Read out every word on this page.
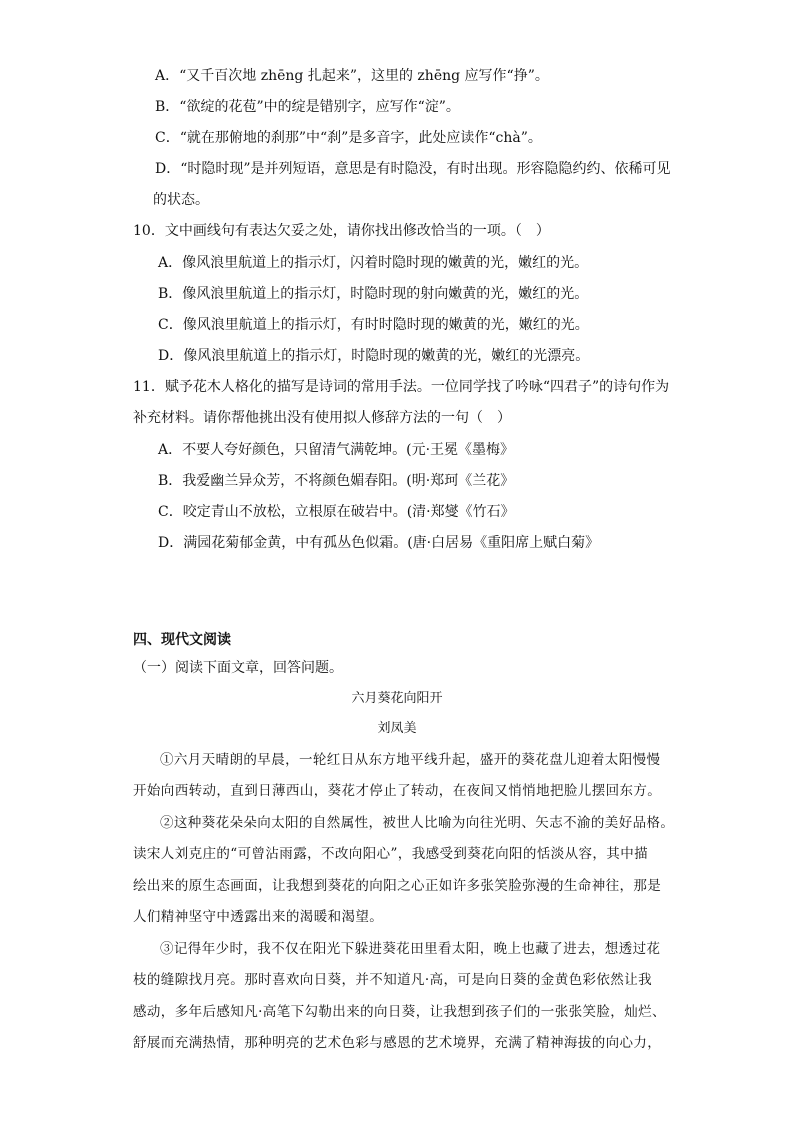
A．“又千百次地 zhēng 扎起来”，这里的 zhēng 应写作“挣”。
B．“欲绽的花苞”中的绽是错别字，应写作“淀”。
C．“就在那俯地的刹那”中“刹”是多音字，此处应读作“chà”。
D．“时隐时现”是并列短语，意思是有时隐没，有时出现。形容隐隐约约、依稀可见
的状态。
10．文中画线句有表达欠妥之处，请你找出修改恰当的一项。（　）
A．像风浪里航道上的指示灯，闪着时隐时现的嫩黄的光，嫩红的光。
B．像风浪里航道上的指示灯，时隐时现的射向嫩黄的光，嫩红的光。
C．像风浪里航道上的指示灯，有时时隐时现的嫩黄的光，嫩红的光。
D．像风浪里航道上的指示灯，时隐时现的嫩黄的光，嫩红的光漂亮。
11．赋予花木人格化的描写是诗词的常用手法。一位同学找了吟咏“四君子”的诗句作为
补充材料。请你帮他挑出没有使用拟人修辞方法的一句（　）
A．不要人夸好颜色，只留清气满乾坤。(元·王冕《墨梅》
B．我爱幽兰异众芳，不将颜色媚春阳。(明·郑珂《兰花》
C．咬定青山不放松，立根原在破岩中。(清·郑燮《竹石》
D．满园花菊郁金黄，中有孤丛色似霜。(唐·白居易《重阳席上赋白菊》
四、现代文阅读
（一）阅读下面文章，回答问题。
六月葵花向阳开
刘凤美
①六月天晴朗的早晨，一轮红日从东方地平线升起，盛开的葵花盘儿迎着太阳慢慢
开始向西转动，直到日薄西山，葵花才停止了转动，在夜间又悄悄地把脸儿摆回东方。
②这种葵花朵朵向太阳的自然属性，被世人比喻为向往光明、矢志不渝的美好品格。
读宋人刘克庄的“可曾沾雨露，不改向阳心”，我感受到葵花向阳的恬淡从容，其中描
绘出来的原生态画面，让我想到葵花的向阳之心正如许多张笑脸弥漫的生命神往，那是
人们精神坚守中透露出来的渴暖和渴望。
③记得年少时，我不仅在阳光下躲进葵花田里看太阳，晚上也藏了进去，想透过花
枝的缝隙找月亮。那时喜欢向日葵，并不知道凡·高，可是向日葵的金黄色彩依然让我
感动，多年后感知凡·高笔下勾勒出来的向日葵，让我想到孩子们的一张张笑脸，灿烂、
舒展而充满热情，那种明亮的艺术色彩与感恩的艺术境界，充满了精神海拔的向心力，
